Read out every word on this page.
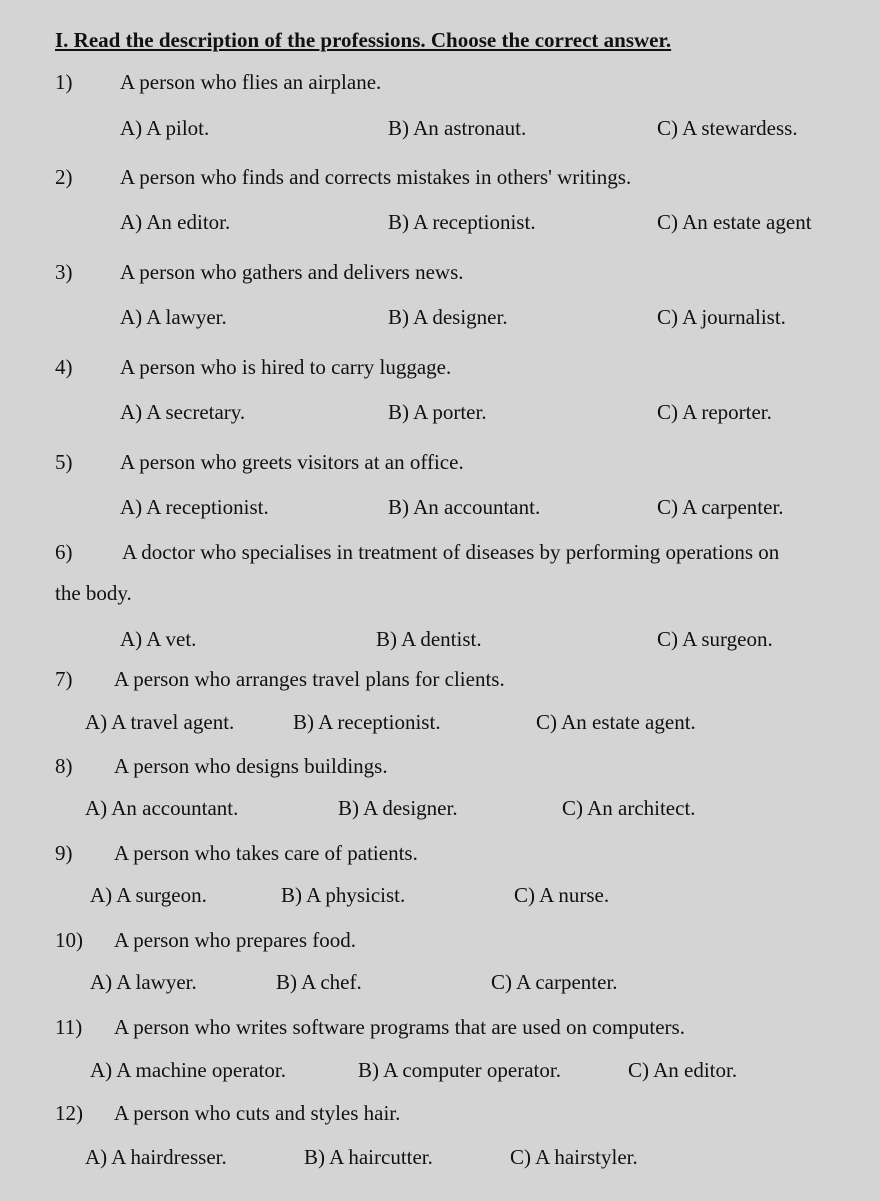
I. Read the description of the professions. Choose the correct answer.
1) A person who flies an airplane.
A) A pilot.	B) An astronaut.	C) A stewardess.
2) A person who finds and corrects mistakes in others' writings.
A) An editor.	B) A receptionist.	C) An estate agent
3) A person who gathers and delivers news.
A) A lawyer.	B) A designer.	C) A journalist.
4) A person who is hired to carry luggage.
A) A secretary.	B) A porter.	C) A reporter.
5) A person who greets visitors at an office.
A) A receptionist.	B) An accountant.	C) A carpenter.
6) A doctor who specialises in treatment of diseases by performing operations on
the body.
A) A vet.	B) A dentist.	C) A surgeon.
7) A person who arranges travel plans for clients.
A) A travel agent.	B) A receptionist.	C) An estate agent.
8) A person who designs buildings.
A) An accountant.	B) A designer.	C) An architect.
9) A person who takes care of patients.
A) A surgeon.	B) A physicist.	C) A nurse.
10) A person who prepares food.
A) A lawyer.	B) A chef.	C) A carpenter.
11) A person who writes software programs that are used on computers.
A) A machine operator.	B) A computer operator.	C) An editor.
12) A person who cuts and styles hair.
A) A hairdresser.	B) A haircutter.	C) A hairstyler.
